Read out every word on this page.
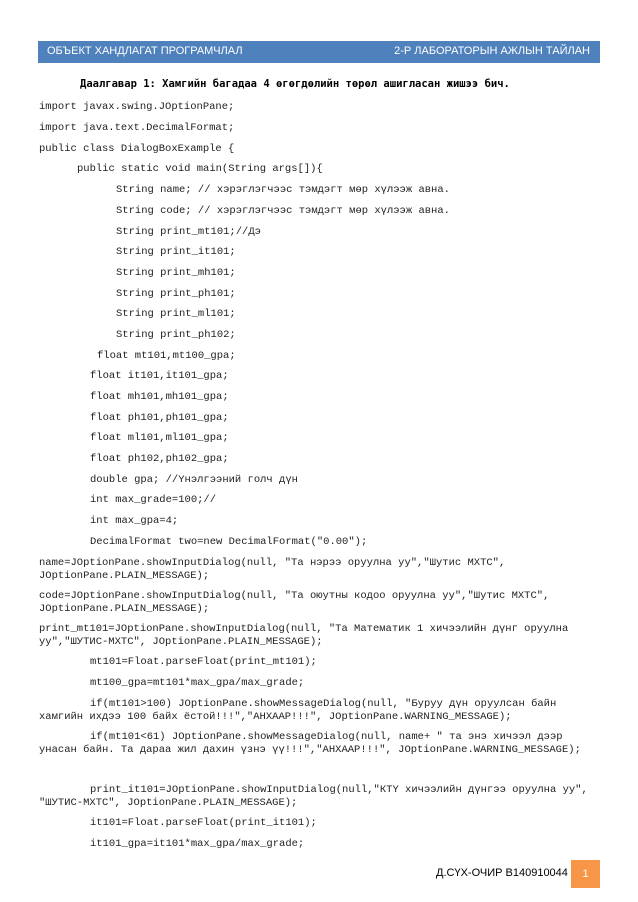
ОБЪЕКТ ХАНДЛАГАТ ПРОГРАМЧЛАЛ	2-Р ЛАБОРАТОРЫН АЖЛЫН ТАЙЛАН
Даалгавар 1: Хамгийн багадаа 4 өгөгдөлийн төрөл ашигласан жишээ бич.
import javax.swing.JOptionPane;
import java.text.DecimalFormat;
public class DialogBoxExample {
public static void main(String args[]){
String name; // хэрэглэгчээс тэмдэгт мөр хүлээж авна.
String code; // хэрэглэгчээс тэмдэгт мөр хүлээж авна.
String print_mt101;//Дэ
String print_it101;
String print_mh101;
String print_ph101;
String print_ml101;
String print_ph102;
float mt101,mt100_gpa;
float it101,it101_gpa;
float mh101,mh101_gpa;
float ph101,ph101_gpa;
float ml101,ml101_gpa;
float ph102,ph102_gpa;
double gpa; //Үнэлгээний голч дүн
int max_grade=100;//
int max_gpa=4;
DecimalFormat two=new DecimalFormat("0.00");
name=JOptionPane.showInputDialog(null, "Та нэрээ оруулна уу","Шутис МХТС",
JOptionPane.PLAIN_MESSAGE);
code=JOptionPane.showInputDialog(null, "Та оюутны кодоо оруулна уу","Шутис МХТС",
JOptionPane.PLAIN_MESSAGE);
print_mt101=JOptionPane.showInputDialog(null, "Та Математик 1 хичээлийн дүнг оруулна
уу","ШУТИС-МХТС", JOptionPane.PLAIN_MESSAGE);
mt101=Float.parseFloat(print_mt101);
mt100_gpa=mt101*max_gpa/max_grade;
if(mt101>100) JOptionPane.showMessageDialog(null, "Буруу дүн оруулсан байн
хамгийн ихдээ 100 байх ёстой!!!","АНХААР!!!", JOptionPane.WARNING_MESSAGE);
if(mt101<61) JOptionPane.showMessageDialog(null, name+ " та энэ хичээл дээр
унасан байн. Та дараа жил дахин үзнэ үү!!!","АНХААР!!!", JOptionPane.WARNING_MESSAGE);
print_it101=JOptionPane.showInputDialog(null,"КТҮ хичээлийн дүнгээ оруулна уу",
"ШУТИС-МХТС", JOptionPane.PLAIN_MESSAGE);
it101=Float.parseFloat(print_it101);
it101_gpa=it101*max_gpa/max_grade;
Д.СҮХ-ОЧИР B140910044	1
